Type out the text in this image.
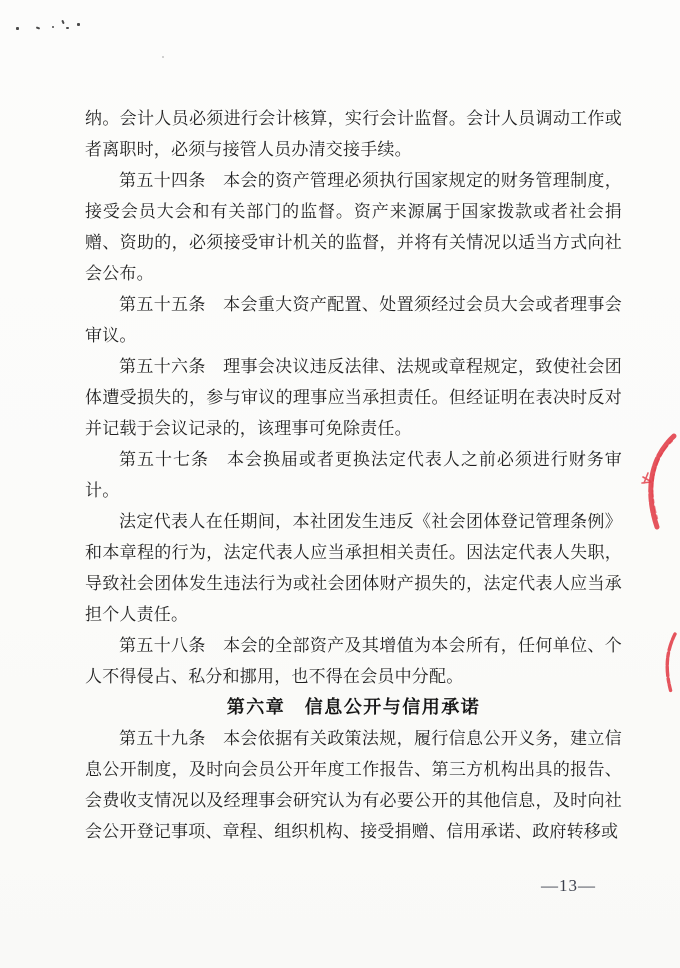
纳。会计人员必须进行会计核算，实行会计监督。会计人员调动工作或者离职时，必须与接管人员办清交接手续。

第五十四条　本会的资产管理必须执行国家规定的财务管理制度，接受会员大会和有关部门的监督。资产来源属于国家拨款或者社会捐赠、资助的，必须接受审计机关的监督，并将有关情况以适当方式向社会公布。

第五十五条　本会重大资产配置、处置须经过会员大会或者理事会审议。

第五十六条　理事会决议违反法律、法规或章程规定，致使社会团体遭受损失的，参与审议的理事应当承担责任。但经证明在表决时反对并记载于会议记录的，该理事可免除责任。

第五十七条　本会换届或者更换法定代表人之前必须进行财务审计。

法定代表人在任期间，本社团发生违反《社会团体登记管理条例》和本章程的行为，法定代表人应当承担相关责任。因法定代表人失职，导致社会团体发生违法行为或社会团体财产损失的，法定代表人应当承担个人责任。

第五十八条　本会的全部资产及其增值为本会所有，任何单位、个人不得侵占、私分和挪用，也不得在会员中分配。

第六章　信息公开与信用承诺

第五十九条　本会依据有关政策法规，履行信息公开义务，建立信息公开制度，及时向会员公开年度工作报告、第三方机构出具的报告、会费收支情况以及经理事会研究认为有必要公开的其他信息，及时向社会公开登记事项、章程、组织机构、接受捐赠、信用承诺、政府转移或

—13—
